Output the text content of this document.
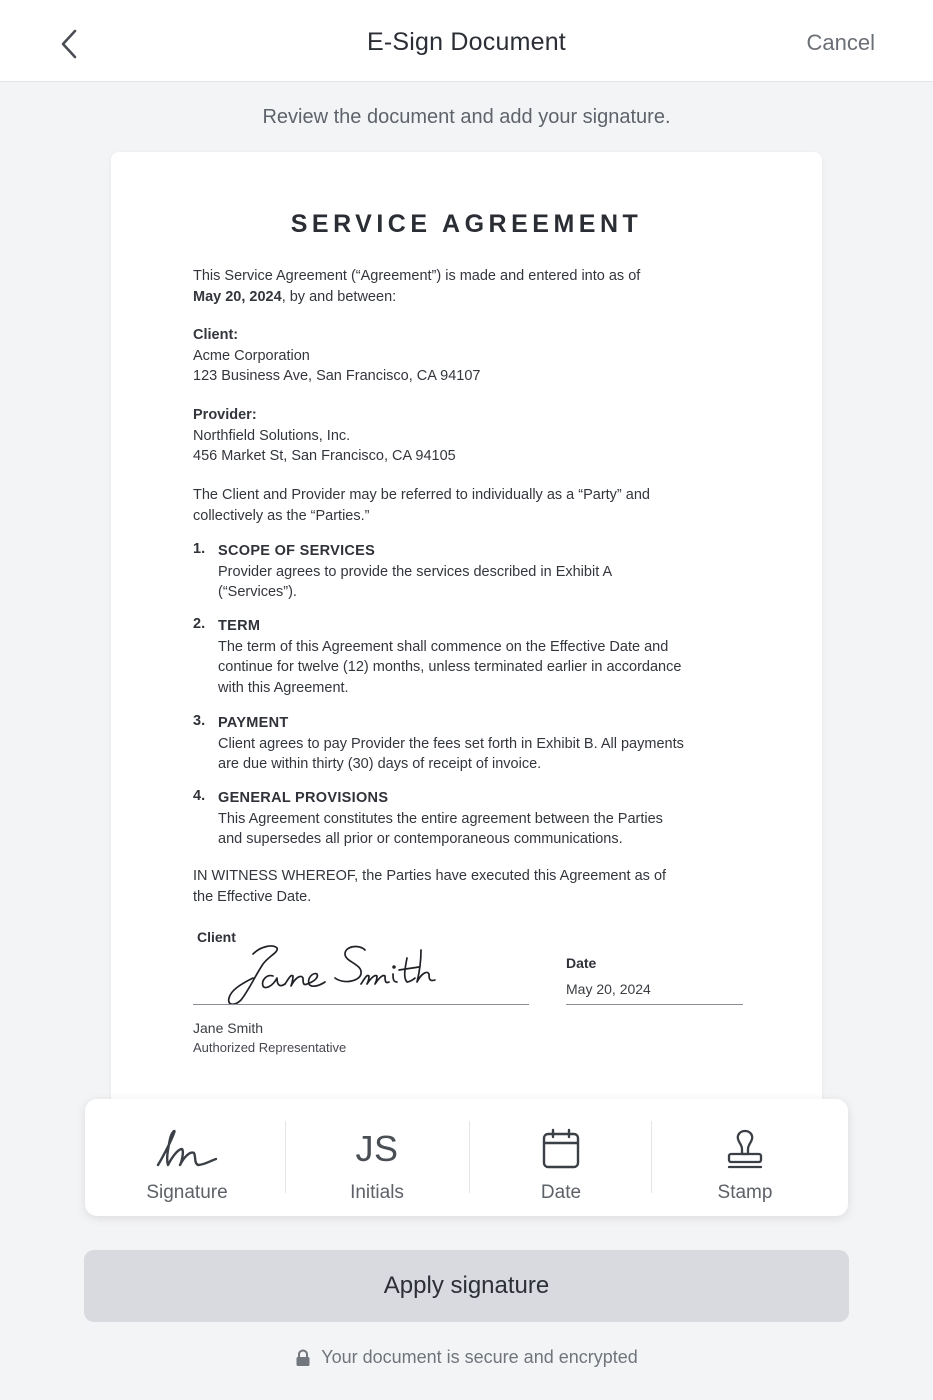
E-Sign Document	Cancel
Review the document and add your signature.
SERVICE AGREEMENT
This Service Agreement (“Agreement”) is made and entered into as of
May 20, 2024, by and between:
Client:
Acme Corporation
123 Business Ave, San Francisco, CA 94107
Provider:
Northfield Solutions, Inc.
456 Market St, San Francisco, CA 94105
The Client and Provider may be referred to individually as a “Party” and
collectively as the “Parties.”
1. SCOPE OF SERVICES
Provider agrees to provide the services described in Exhibit A
(“Services”).
2. TERM
The term of this Agreement shall commence on the Effective Date and
continue for twelve (12) months, unless terminated earlier in accordance
with this Agreement.
3. PAYMENT
Client agrees to pay Provider the fees set forth in Exhibit B. All payments
are due within thirty (30) days of receipt of invoice.
4. GENERAL PROVISIONS
This Agreement constitutes the entire agreement between the Parties
and supersedes all prior or contemporaneous communications.
IN WITNESS WHEREOF, the Parties have executed this Agreement as of
the Effective Date.
Client
Jane Smith
Authorized Representative
Date
May 20, 2024
Signature
JS
Initials	Date	Stamp
Apply signature
Your document is secure and encrypted
